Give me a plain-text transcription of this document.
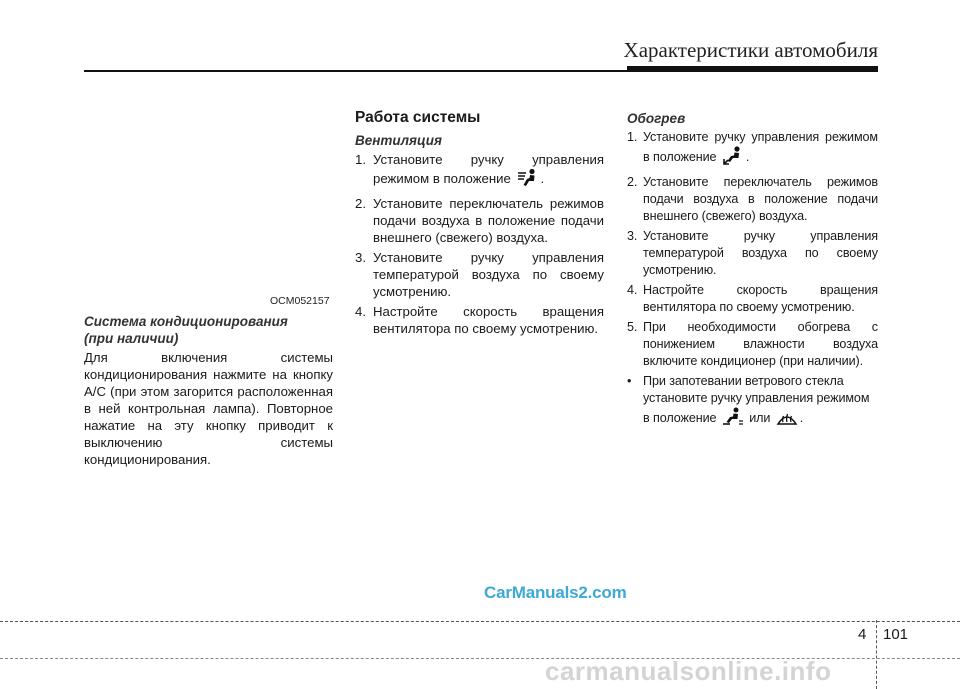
Характеристики автомобиля
OCM052157
Система кондиционирования
(при наличии)
Для включения системы кондиционирования нажмите на кнопку A/C (при этом загорится расположенная в ней контрольная лампа). Повторное нажатие на эту кнопку приводит к выключению системы кондиционирования.
Работа системы
Вентиляция
1. Установите ручку управления режимом в положение .
2. Установите переключатель режимов подачи воздуха в положение подачи внешнего (свежего) воздуха.
3. Установите ручку управления температурой воздуха по своему усмотрению.
4. Настройте скорость вращения вентилятора по своему усмотрению.
Обогрев
1. Установите ручку управления режимом в положение .
2. Установите переключатель режимов подачи воздуха в положение подачи внешнего (свежего) воздуха.
3. Установите ручку управления температурой воздуха по своему усмотрению.
4. Настройте скорость вращения вентилятора по своему усмотрению.
5. При необходимости обогрева с понижением влажности воздуха включите кондиционер (при наличии).
• При запотевании ветрового стекла установите ручку управления режимом в положение	или .
CarManuals2.com
4 101
carmanualsonline.info
